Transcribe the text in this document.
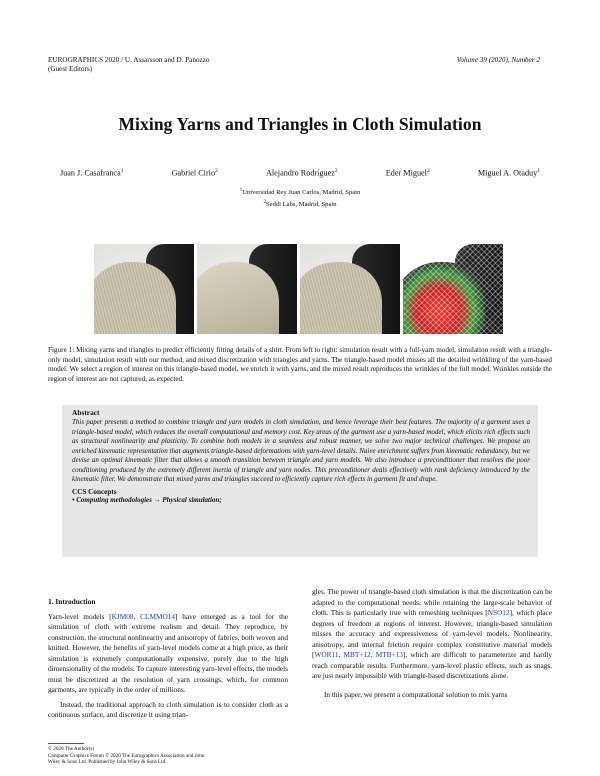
EUROGRAPHICS 2020 / U. Assarsson and D. Panozzo
(Guest Editors)
Volume 39 (2020), Number 2
Mixing Yarns and Triangles in Cloth Simulation
Juan J. Casafranca$^1$	Gabriel Cirio$^2$	Alejandro Rodríguez$^2$	Eder Miguel$^2$	Miguel A. Otaduy$^1$
$^1$Universidad Rey Juan Carlos, Madrid, Spain
$^2$Seddi Labs, Madrid, Spain
Figure 1: Mixing yarns and triangles to predict efficiently fitting details of a shirt. From left to right: simulation result with a full-yarn model, simulation result with a triangle-only model, simulation result with our method, and mixed discretization with triangles and yarns. The triangle-based model misses all the detailed wrinkling of the yarn-based model. We select a region of interest on this triangle-based model, we enrich it with yarns, and the mixed result reproduces the wrinkles of the full model. Wrinkles outside the region of interest are not captured, as expected.
Abstract
This paper presents a method to combine triangle and yarn models in cloth simulation, and hence leverage their best features. The majority of a garment uses a triangle-based model, which reduces the overall computational and memory cost. Key areas of the garment use a yarn-based model, which elicits rich effects such as structural nonlinearity and plasticity. To combine both models in a seamless and robust manner, we solve two major technical challenges. We propose an enriched kinematic representation that augments triangle-based deformations with yarn-level details. Naive enrichment suffers from kinematic redundancy, but we devise an optimal kinematic filter that allows a smooth transition between triangle and yarn models. We also introduce a preconditioner that resolves the poor conditioning produced by the extremely different inertia of triangle and yarn nodes. This preconditioner deals effectively with rank deficiency introduced by the kinematic filter. We demonstrate that mixed yarns and triangles succeed to efficiently capture rich effects in garment fit and drape.
CCS Concepts
• Computing methodologies → Physical simulation;
1. Introduction

Yarn-level models [KJM08, CLMMO14] have emerged as a tool for the simulation of cloth with extreme realism and detail. They reproduce, by construction, the structural nonlinearity and anisotropy of fabrics, both woven and knitted. However, the benefits of yarn-level models come at a high price, as their simulation is extremely computationally expensive, purely due to the high dimensionality of the models. To capture interesting yarn-level effects, the models must be discretized at the resolution of yarn crossings, which, for common garments, are typically in the order of millions.

Instead, the traditional approach to cloth simulation is to consider cloth as a continuous surface, and discretize it using trian-

gles. The power of triangle-based cloth simulation is that the discretization can be adapted to the computational needs, while retaining the large-scale behavior of cloth. This is particularly true with remeshing techniques [NSO12], which place degrees of freedom at regions of interest. However, triangle-based simulation misses the accuracy and expressiveness of yarn-level models. Nonlinearity, anisotropy, and internal friction require complex constitutive material models [WOR11, MBT+12, MTB+13], which are difficult to parameterize and hardly reach comparable results. Furthermore, yarn-level plastic effects, such as snags, are just nearly impossible with triangle-based discretizations alone.

In this paper, we present a computational solution to mix yarns

© 2020 The Author(s)
Computer Graphics Forum © 2020 The Eurographics Association and John
Wiley & Sons Ltd. Published by John Wiley & Sons Ltd.
